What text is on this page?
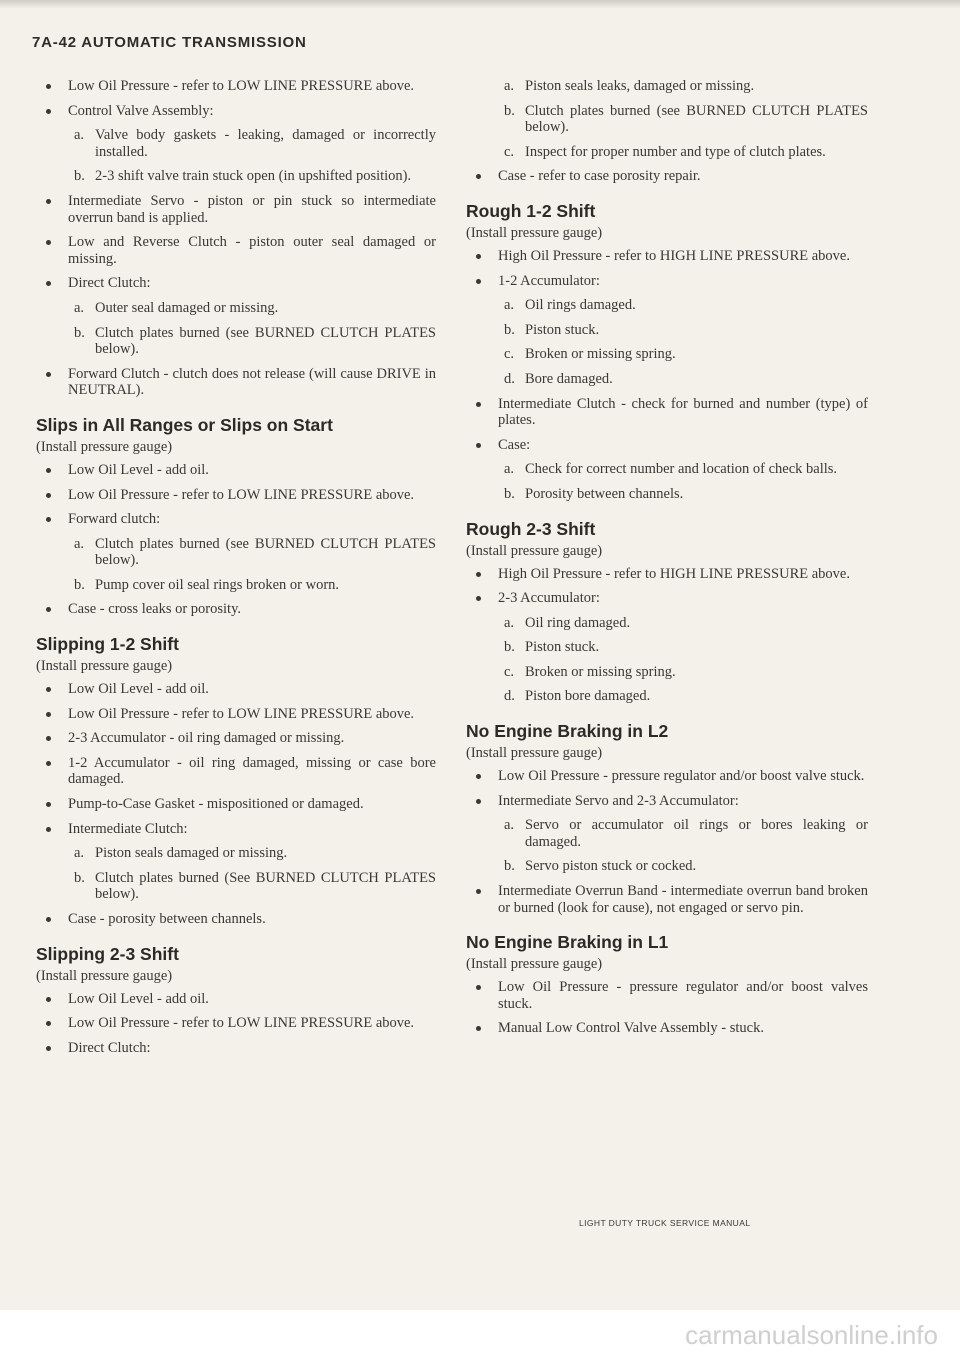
7A-42 AUTOMATIC TRANSMISSION
Low Oil Pressure - refer to LOW LINE PRESSURE above.
Control Valve Assembly:
a. Valve body gaskets - leaking, damaged or incorrectly installed.
b. 2-3 shift valve train stuck open (in upshifted position).
Intermediate Servo - piston or pin stuck so intermediate overrun band is applied.
Low and Reverse Clutch - piston outer seal damaged or missing.
Direct Clutch:
a. Outer seal damaged or missing.
b. Clutch plates burned (see BURNED CLUTCH PLATES below).
Forward Clutch - clutch does not release (will cause DRIVE in NEUTRAL).
Slips in All Ranges or Slips on Start
(Install pressure gauge)
Low Oil Level - add oil.
Low Oil Pressure - refer to LOW LINE PRESSURE above.
Forward clutch:
a. Clutch plates burned (see BURNED CLUTCH PLATES below).
b. Pump cover oil seal rings broken or worn.
Case - cross leaks or porosity.
Slipping 1-2 Shift
(Install pressure gauge)
Low Oil Level - add oil.
Low Oil Pressure - refer to LOW LINE PRESSURE above.
2-3 Accumulator - oil ring damaged or missing.
1-2 Accumulator - oil ring damaged, missing or case bore damaged.
Pump-to-Case Gasket - mispositioned or damaged.
Intermediate Clutch:
a. Piston seals damaged or missing.
b. Clutch plates burned (See BURNED CLUTCH PLATES below).
Case - porosity between channels.
Slipping 2-3 Shift
(Install pressure gauge)
Low Oil Level - add oil.
Low Oil Pressure - refer to LOW LINE PRESSURE above.
Direct Clutch:
a. Piston seals leaks, damaged or missing.
b. Clutch plates burned (see BURNED CLUTCH PLATES below).
c. Inspect for proper number and type of clutch plates.
Case - refer to case porosity repair.
Rough 1-2 Shift
(Install pressure gauge)
High Oil Pressure - refer to HIGH LINE PRESSURE above.
1-2 Accumulator:
a. Oil rings damaged.
b. Piston stuck.
c. Broken or missing spring.
d. Bore damaged.
Intermediate Clutch - check for burned and number (type) of plates.
Case:
a. Check for correct number and location of check balls.
b. Porosity between channels.
Rough 2-3 Shift
(Install pressure gauge)
High Oil Pressure - refer to HIGH LINE PRESSURE above.
2-3 Accumulator:
a. Oil ring damaged.
b. Piston stuck.
c. Broken or missing spring.
d. Piston bore damaged.
No Engine Braking in L2
(Install pressure gauge)
Low Oil Pressure - pressure regulator and/or boost valve stuck.
Intermediate Servo and 2-3 Accumulator:
a. Servo or accumulator oil rings or bores leaking or damaged.
b. Servo piston stuck or cocked.
Intermediate Overrun Band - intermediate overrun band broken or burned (look for cause), not engaged or servo pin.
No Engine Braking in L1
(Install pressure gauge)
Low Oil Pressure - pressure regulator and/or boost valves stuck.
Manual Low Control Valve Assembly - stuck.
LIGHT DUTY TRUCK SERVICE MANUAL
carmanualsonline.info
